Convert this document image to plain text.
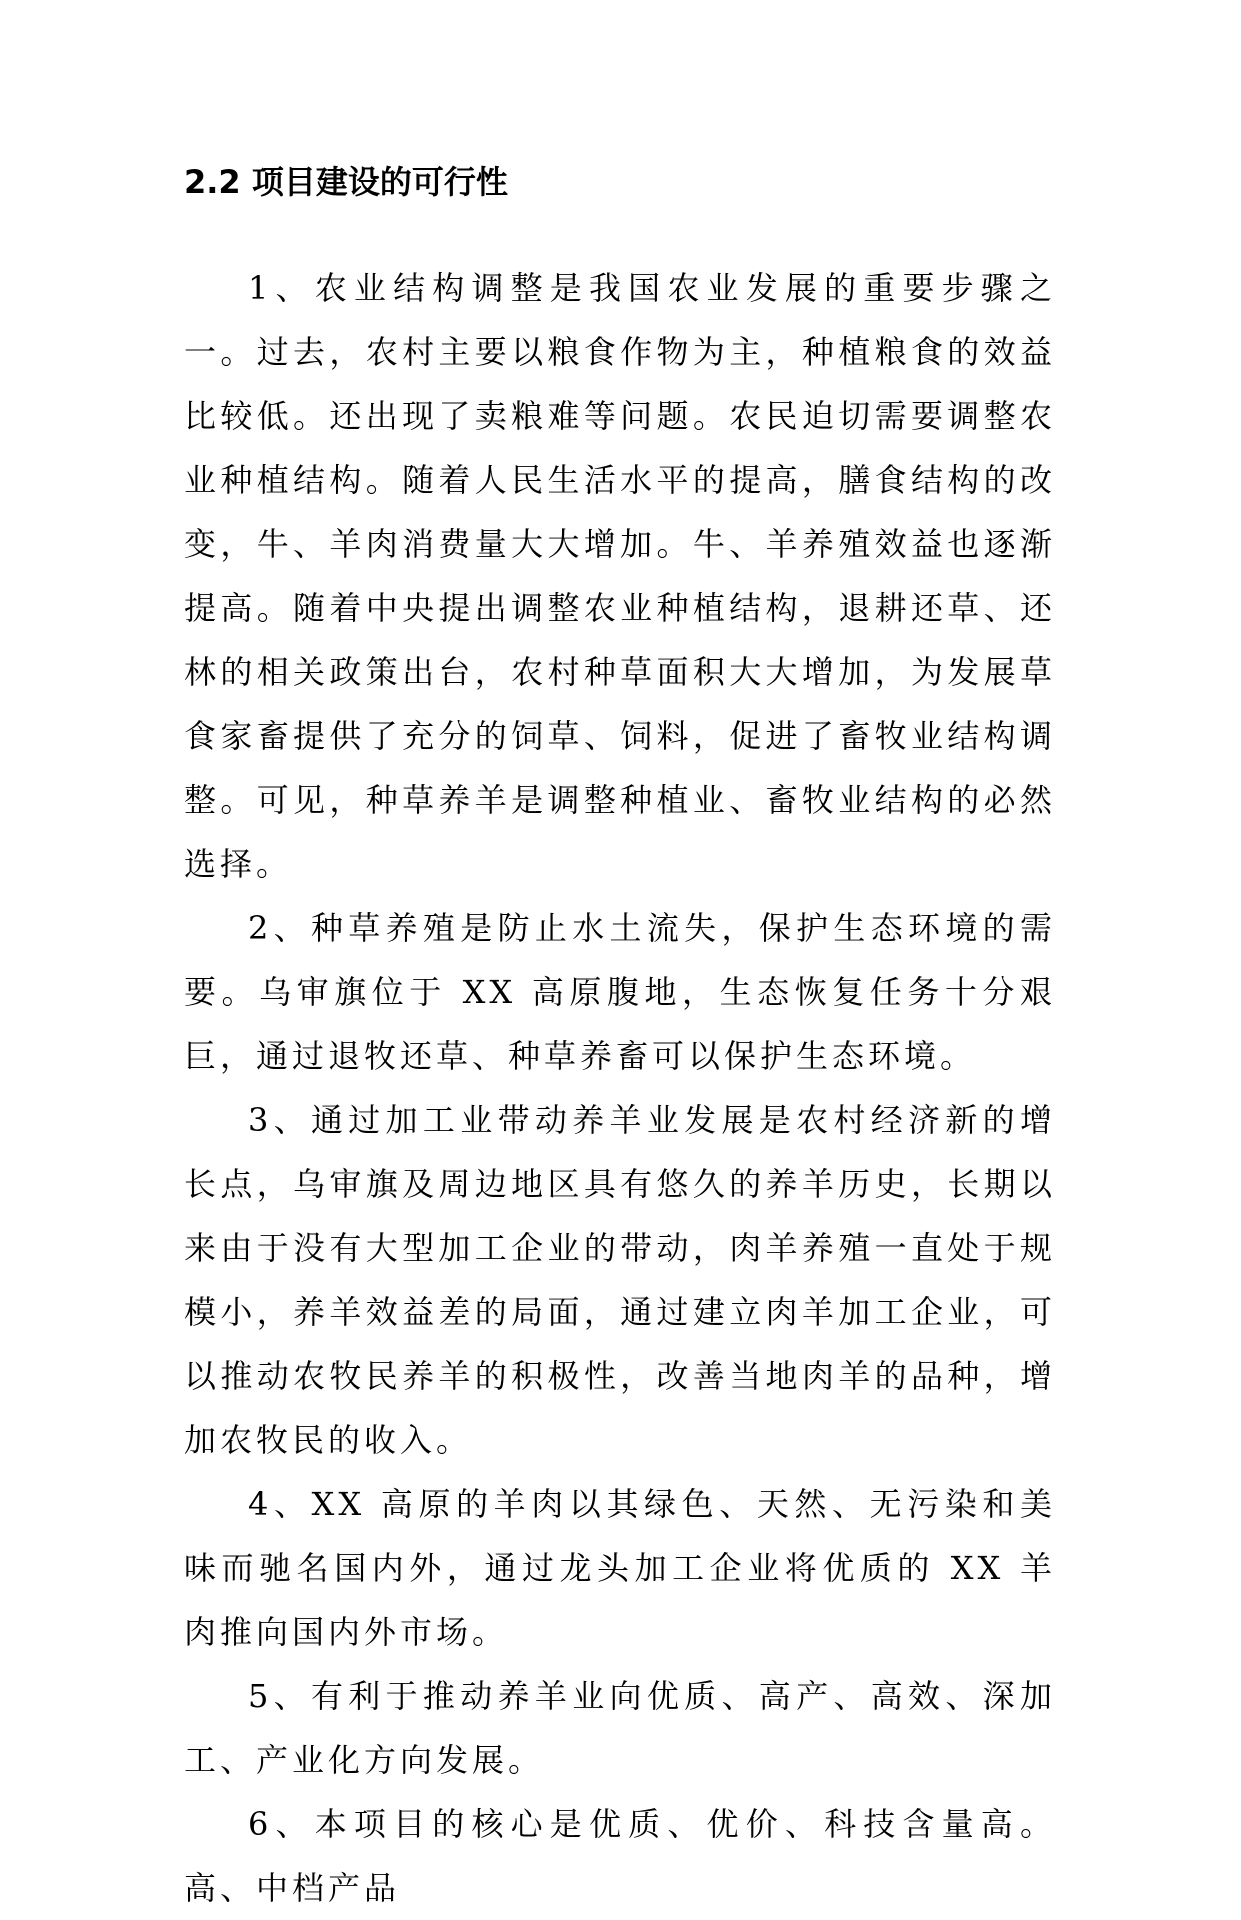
2.2 项目建设的可行性

1、农业结构调整是我国农业发展的重要步骤之一。过去，农村主要以粮食作物为主，种植粮食的效益比较低。还出现了卖粮难等问题。农民迫切需要调整农业种植结构。随着人民生活水平的提高，膳食结构的改变，牛、羊肉消费量大大增加。牛、羊养殖效益也逐渐提高。随着中央提出调整农业种植结构，退耕还草、还林的相关政策出台，农村种草面积大大增加，为发展草食家畜提供了充分的饲草、饲料，促进了畜牧业结构调整。可见，种草养羊是调整种植业、畜牧业结构的必然选择。

2、种草养殖是防止水土流失，保护生态环境的需要。乌审旗位于 XX 高原腹地，生态恢复任务十分艰巨，通过退牧还草、种草养畜可以保护生态环境。

3、通过加工业带动养羊业发展是农村经济新的增长点，乌审旗及周边地区具有悠久的养羊历史，长期以来由于没有大型加工企业的带动，肉羊养殖一直处于规模小，养羊效益差的局面，通过建立肉羊加工企业，可以推动农牧民养羊的积极性，改善当地肉羊的品种，增加农牧民的收入。

4、XX 高原的羊肉以其绿色、天然、无污染和美味而驰名国内外，通过龙头加工企业将优质的 XX 羊肉推向国内外市场。

5、有利于推动养羊业向优质、高产、高效、深加工、产业化方向发展。

6、本项目的核心是优质、优价、科技含量高。高、中档产品
